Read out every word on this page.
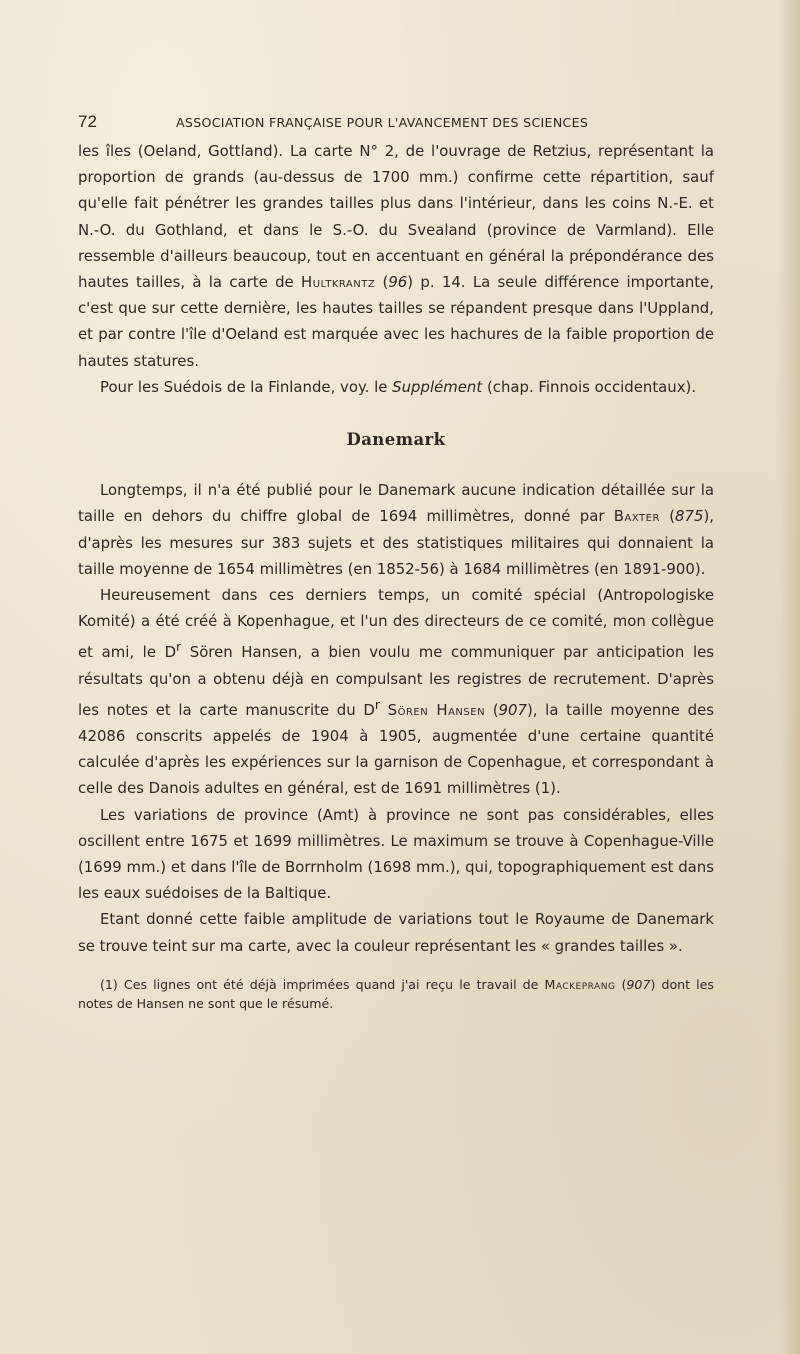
72	ASSOCIATION FRANÇAISE POUR L'AVANCEMENT DES SCIENCES

les îles (Oeland, Gottland). La carte N° 2, de l'ouvrage de Retzius, représentant la proportion de grands (au-dessus de 1700 mm.) confirme cette répartition, sauf qu'elle fait pénétrer les grandes tailles plus dans l'intérieur, dans les coins N.-E. et N.-O. du Gothland, et dans le S.-O. du Svealand (province de Varmland). Elle ressemble d'ailleurs beaucoup, tout en accentuant en général la prépondérance des hautes tailles, à la carte de Hultkrantz (96) p. 14. La seule différence importante, c'est que sur cette dernière, les hautes tailles se répandent presque dans l'Uppland, et par contre l'île d'Oeland est marquée avec les hachures de la faible proportion de hautes statures.

Pour les Suédois de la Finlande, voy. le Supplément (chap. Finnois occidentaux).

Danemark

Longtemps, il n'a été publié pour le Danemark aucune indication détaillée sur la taille en dehors du chiffre global de 1694 millimètres, donné par Baxter (875), d'après les mesures sur 383 sujets et des statistiques militaires qui donnaient la taille moyenne de 1654 millimètres (en 1852-56) à 1684 millimètres (en 1891-900).

Heureusement dans ces derniers temps, un comité spécial (Antropologiske Komité) a été créé à Kopenhague, et l'un des directeurs de ce comité, mon collègue et ami, le $D^r$ Sören Hansen, a bien voulu me communiquer par anticipation les résultats qu'on a obtenu déjà en compulsant les registres de recrutement. D'après les notes et la carte manuscrite du $D^r$ Sören Hansen (907), la taille moyenne des 42086 conscrits appelés de 1904 à 1905, augmentée d'une certaine quantité calculée d'après les expériences sur la garnison de Copenhague, et correspondant à celle des Danois adultes en général, est de 1691 millimètres (1).

Les variations de province (Amt) à province ne sont pas considérables, elles oscillent entre 1675 et 1699 millimètres. Le maximum se trouve à Copenhague-Ville (1699 mm.) et dans l'île de Borrnholm (1698 mm.), qui, topographiquement est dans les eaux suédoises de la Baltique.

Etant donné cette faible amplitude de variations tout le Royaume de Danemark se trouve teint sur ma carte, avec la couleur représentant les « grandes tailles ».

(1) Ces lignes ont été déjà imprimées quand j'ai reçu le travail de Mackeprang (907) dont les notes de Hansen ne sont que le résumé.
